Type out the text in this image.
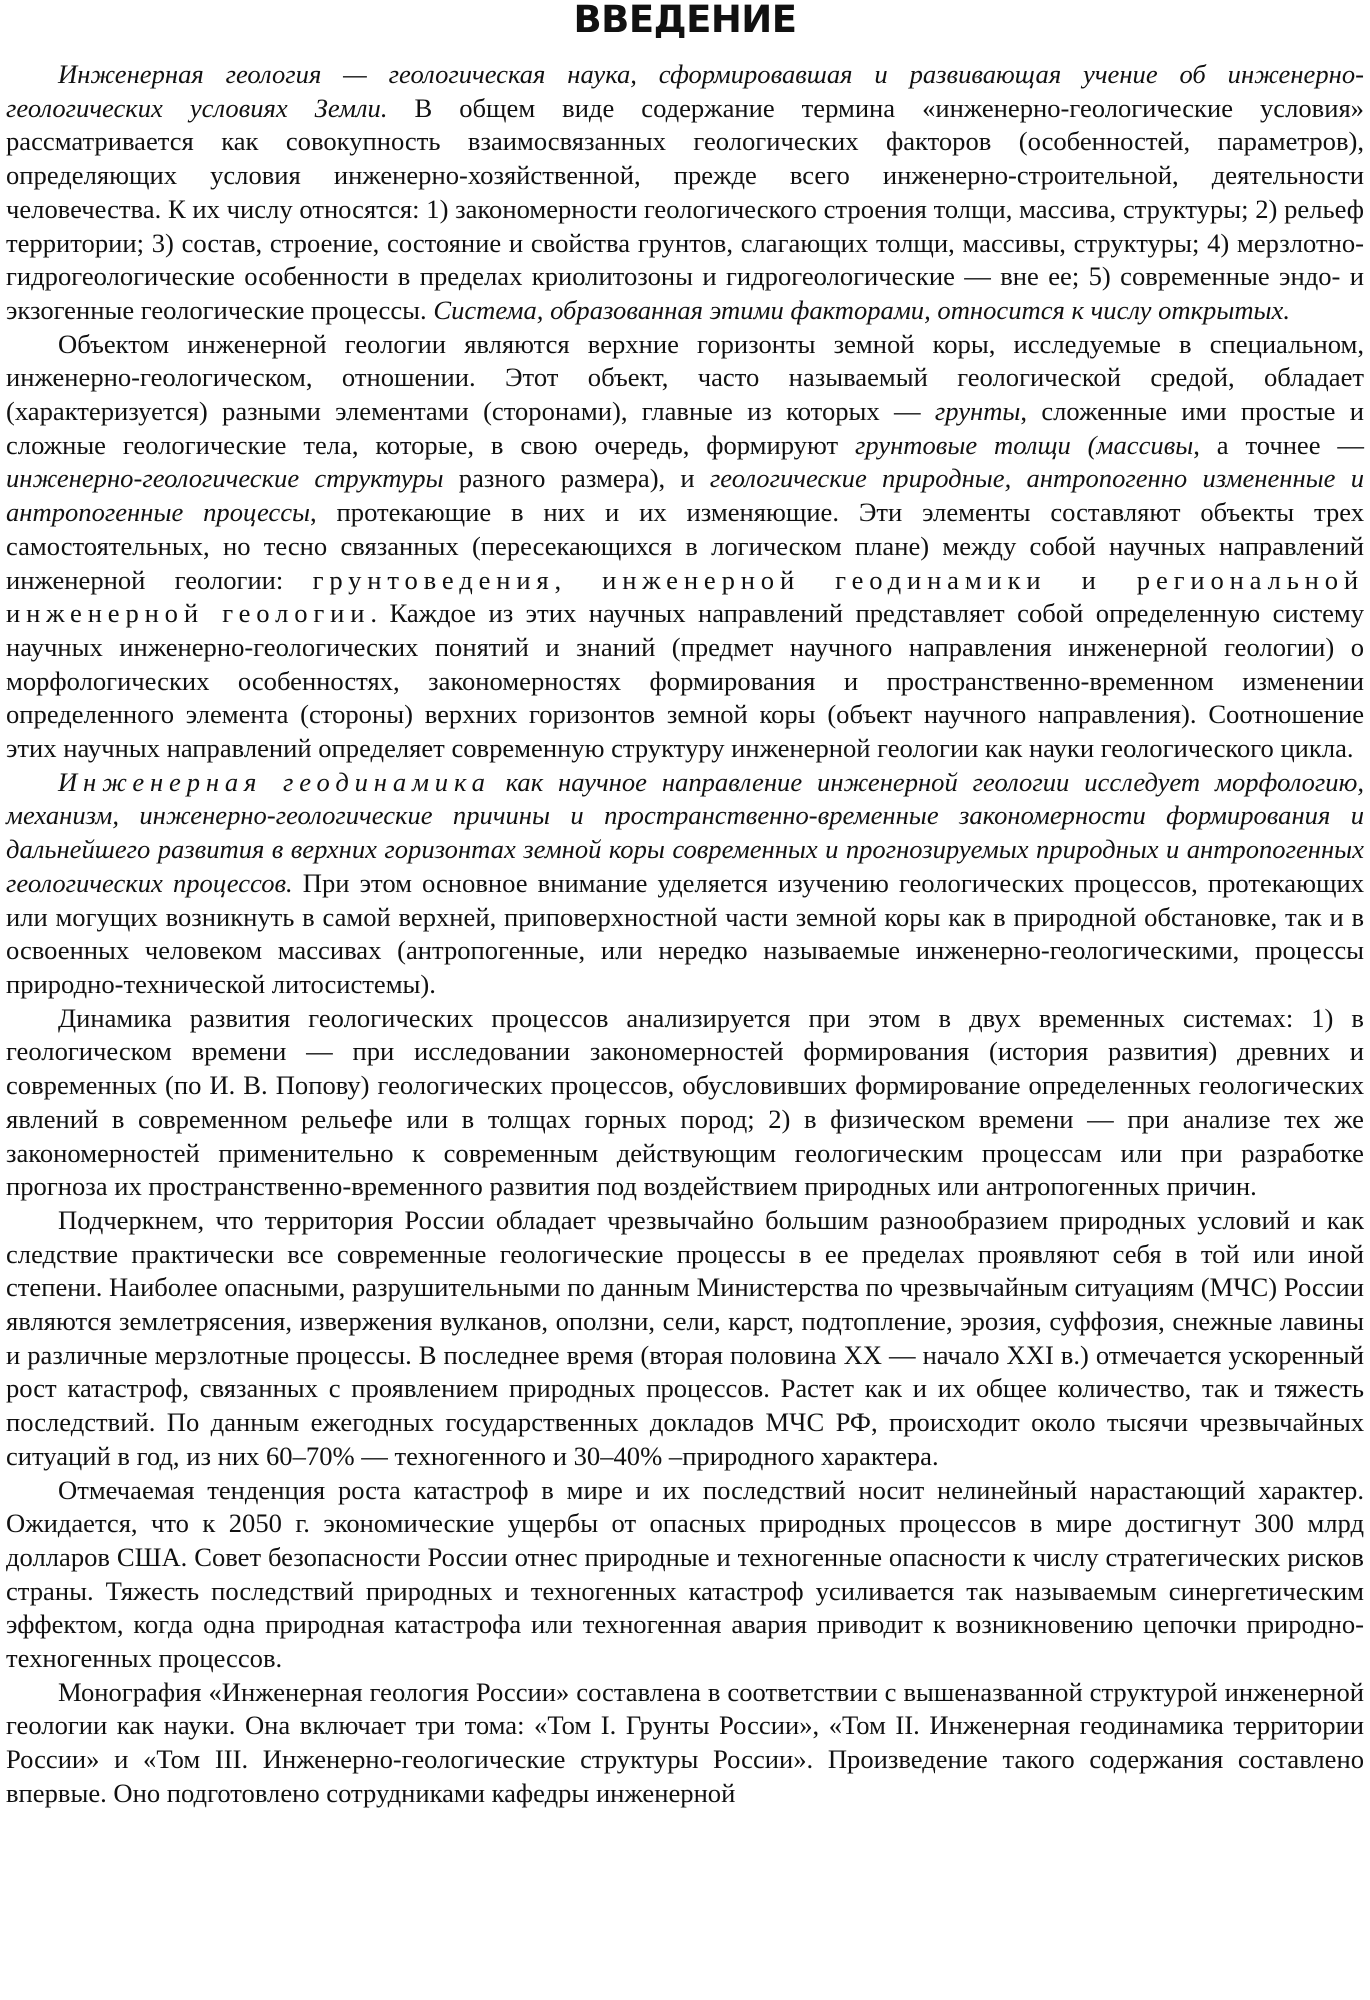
ВВЕДЕНИЕ

Инженерная геология — геологическая наука, сформировавшая и развивающая учение об инженерно-геологических условиях Земли. В общем виде содержание термина «инженерно-геологические условия» рассматривается как совокупность взаимосвязанных геологических факторов (особенностей, параметров), определяющих условия инженерно-хозяйственной, прежде всего инженерно-строительной, деятельности человечества. К их числу относятся: 1) закономерности геологического строения толщи, массива, структуры; 2) рельеф территории; 3) состав, строение, состояние и свойства грунтов, слагающих толщи, массивы, структуры; 4) мерзлотно-гидрогеологические особенности в пределах криолитозоны и гидрогеологические — вне ее; 5) современные эндо- и экзогенные геологические процессы. Система, образованная этими факторами, относится к числу открытых.

Объектом инженерной геологии являются верхние горизонты земной коры, исследуемые в специальном, инженерно-геологическом, отношении. Этот объект, часто называемый геологической средой, обладает (характеризуется) разными элементами (сторонами), главные из которых — грунты, сложенные ими простые и сложные геологические тела, которые, в свою очередь, формируют грунтовые толщи (массивы, а точнее — инженерно-геологические структуры разного размера), и геологические природные, антропогенно измененные и антропогенные процессы, протекающие в них и их изменяющие. Эти элементы составляют объекты трех самостоятельных, но тесно связанных (пересекающихся в логическом плане) между собой научных направлений инженерной геологии: грунтоведения, инженерной геодинамики и региональной инженерной геологии. Каждое из этих научных направлений представляет собой определенную систему научных инженерно-геологических понятий и знаний (предмет научного направления инженерной геологии) о морфологических особенностях, закономерностях формирования и пространственно-временном изменении определенного элемента (стороны) верхних горизонтов земной коры (объект научного направления). Соотношение этих научных направлений определяет современную структуру инженерной геологии как науки геологического цикла.

Инженерная геодинамика как научное направление инженерной геологии исследует морфологию, механизм, инженерно-геологические причины и пространственно-временные закономерности формирования и дальнейшего развития в верхних горизонтах земной коры современных и прогнозируемых природных и антропогенных геологических процессов. При этом основное внимание уделяется изучению геологических процессов, протекающих или могущих возникнуть в самой верхней, приповерхностной части земной коры как в природной обстановке, так и в освоенных человеком массивах (антропогенные, или нередко называемые инженерно-геологическими, процессы природно-технической литосистемы).

Динамика развития геологических процессов анализируется при этом в двух временных системах: 1) в геологическом времени — при исследовании закономерностей формирования (история развития) древних и современных (по И. В. Попову) геологических процессов, обусловивших формирование определенных геологических явлений в современном рельефе или в толщах горных пород; 2) в физическом времени — при анализе тех же закономерностей применительно к современным действующим геологическим процессам или при разработке прогноза их пространственно-временного развития под воздействием природных или антропогенных причин.

Подчеркнем, что территория России обладает чрезвычайно большим разнообразием природных условий и как следствие практически все современные геологические процессы в ее пределах проявляют себя в той или иной степени. Наиболее опасными, разрушительными по данным Министерства по чрезвычайным ситуациям (МЧС) России являются землетрясения, извержения вулканов, оползни, сели, карст, подтопление, эрозия, суффозия, снежные лавины и различные мерзлотные процессы. В последнее время (вторая половина XX — начало XXI в.) отмечается ускоренный рост катастроф, связанных с проявлением природных процессов. Растет как и их общее количество, так и тяжесть последствий. По данным ежегодных государственных докладов МЧС РФ, происходит около тысячи чрезвычайных ситуаций в год, из них 60–70% — техногенного и 30–40% –природного характера.

Отмечаемая тенденция роста катастроф в мире и их последствий носит нелинейный нарастающий характер. Ожидается, что к 2050 г. экономические ущербы от опасных природных процессов в мире достигнут 300 млрд долларов США. Совет безопасности России отнес природные и техногенные опасности к числу стратегических рисков страны. Тяжесть последствий природных и техногенных катастроф усиливается так называемым синергетическим эффектом, когда одна природная катастрофа или техногенная авария приводит к возникновению цепочки природно-техногенных процессов.

Монография «Инженерная геология России» составлена в соответствии с вышеназванной структурой инженерной геологии как науки. Она включает три тома: «Том I. Грунты России», «Том II. Инженерная геодинамика территории России» и «Том III. Инженерно-геологические структуры России». Произведение такого содержания составлено впервые. Оно подготовлено сотрудниками кафедры инженерной
